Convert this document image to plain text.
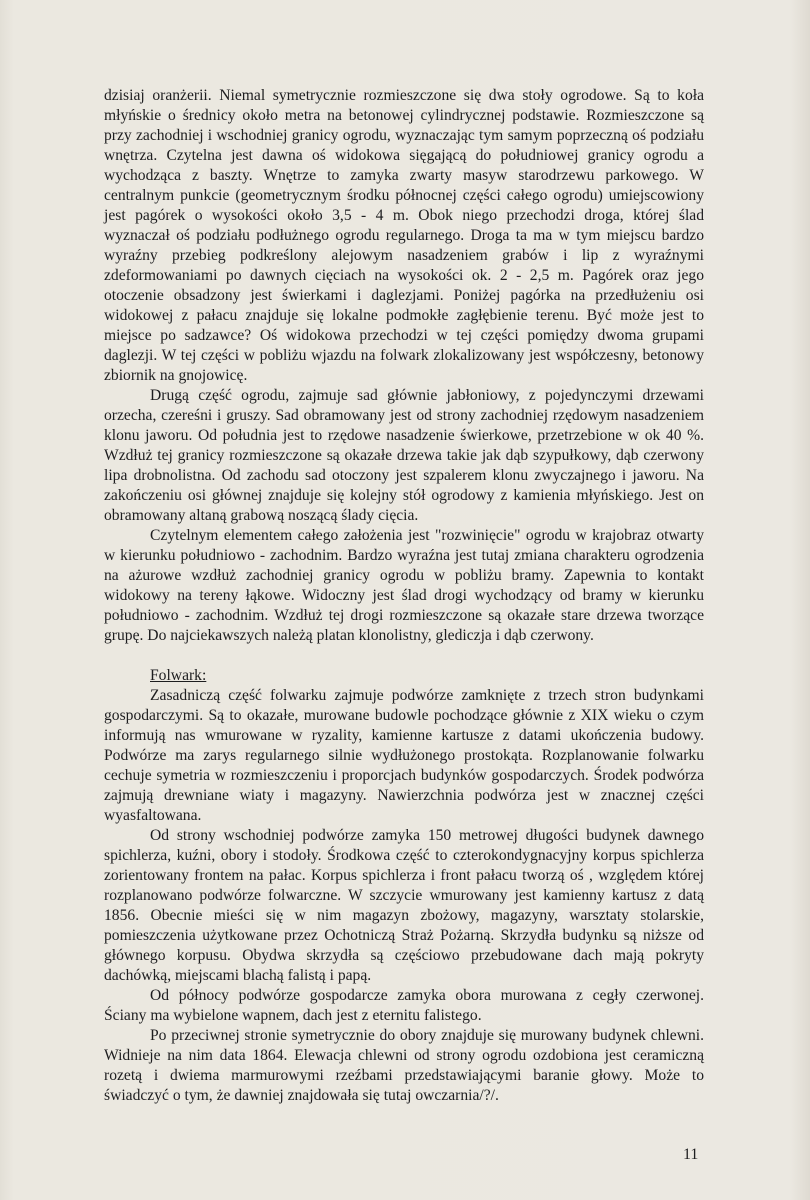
dzisiaj oranżerii. Niemal symetrycznie rozmieszczone się dwa stoły ogrodowe. Są to koła
młyńskie o średnicy około metra na betonowej cylindrycznej podstawie. Rozmieszczone są
przy zachodniej i wschodniej granicy ogrodu, wyznaczając tym samym poprzeczną oś podziału
wnętrza. Czytelna jest dawna oś widokowa sięgającą do południowej granicy ogrodu a
wychodząca z baszty. Wnętrze to zamyka zwarty masyw starodrzewu parkowego. W
centralnym punkcie (geometrycznym środku północnej części całego ogrodu) umiejscowiony
jest pagórek o wysokości około 3,5 - 4 m. Obok niego przechodzi droga, której ślad
wyznaczał oś podziału podłużnego ogrodu regularnego. Droga ta ma w tym miejscu bardzo
wyraźny przebieg podkreślony alejowym nasadzeniem grabów i lip z wyraźnymi
zdeformowaniami po dawnych cięciach na wysokości ok. 2 - 2,5 m. Pagórek oraz jego
otoczenie obsadzony jest świerkami i daglezjami. Poniżej pagórka na przedłużeniu osi
widokowej z pałacu znajduje się lokalne podmokłe zagłębienie terenu. Być może jest to
miejsce po sadzawce? Oś widokowa przechodzi w tej części pomiędzy dwoma grupami
daglezji. W tej części w pobliżu wjazdu na folwark zlokalizowany jest współczesny, betonowy
zbiornik na gnojowicę.
Drugą część ogrodu, zajmuje sad głównie jabłoniowy, z pojedynczymi drzewami
orzecha, czereśni i gruszy. Sad obramowany jest od strony zachodniej rzędowym nasadzeniem
klonu jaworu. Od południa jest to rzędowe nasadzenie świerkowe, przetrzebione w ok 40 %.
Wzdłuż tej granicy rozmieszczone są okazałe drzewa takie jak dąb szypułkowy, dąb czerwony
lipa drobnolistna. Od zachodu sad otoczony jest szpalerem klonu zwyczajnego i jaworu. Na
zakończeniu osi głównej znajduje się kolejny stół ogrodowy z kamienia młyńskiego. Jest on
obramowany altaną grabową noszącą ślady cięcia.
Czytelnym elementem całego założenia jest "rozwinięcie" ogrodu w krajobraz otwarty
w kierunku południowo - zachodnim. Bardzo wyraźna jest tutaj zmiana charakteru ogrodzenia
na ażurowe wzdłuż zachodniej granicy ogrodu w pobliżu bramy. Zapewnia to kontakt
widokowy na tereny łąkowe. Widoczny jest ślad drogi wychodzący od bramy w kierunku
południowo - zachodnim. Wzdłuż tej drogi rozmieszczone są okazałe stare drzewa tworzące
grupę. Do najciekawszych należą platan klonolistny, glediczja i dąb czerwony.
Folwark:
Zasadniczą część folwarku zajmuje podwórze zamknięte z trzech stron budynkami
gospodarczymi. Są to okazałe, murowane budowle pochodzące głównie z XIX wieku o czym
informują nas wmurowane w ryzality, kamienne kartusze z datami ukończenia budowy.
Podwórze ma zarys regularnego silnie wydłużonego prostokąta. Rozplanowanie folwarku
cechuje symetria w rozmieszczeniu i proporcjach budynków gospodarczych. Środek podwórza
zajmują drewniane wiaty i magazyny. Nawierzchnia podwórza jest w znacznej części
wyasfaltowana.
Od strony wschodniej podwórze zamyka 150 metrowej długości budynek dawnego
spichlerza, kuźni, obory i stodoły. Środkowa część to czterokondygnacyjny korpus spichlerza
zorientowany frontem na pałac. Korpus spichlerza i front pałacu tworzą oś , względem której
rozplanowano podwórze folwarczne. W szczycie wmurowany jest kamienny kartusz z datą
1856. Obecnie mieści się w nim magazyn zbożowy, magazyny, warsztaty stolarskie,
pomieszczenia użytkowane przez Ochotniczą Straż Pożarną. Skrzydła budynku są niższe od
głównego korpusu. Obydwa skrzydła są częściowo przebudowane dach mają pokryty
dachówką, miejscami blachą falistą i papą.
Od północy podwórze gospodarcze zamyka obora murowana z cegły czerwonej.
Ściany ma wybielone wapnem, dach jest z eternitu falistego.
Po przeciwnej stronie symetrycznie do obory znajduje się murowany budynek chlewni.
Widnieje na nim data 1864. Elewacja chlewni od strony ogrodu ozdobiona jest ceramiczną
rozetą i dwiema marmurowymi rzeźbami przedstawiającymi baranie głowy. Może to
świadczyć o tym, że dawniej znajdowała się tutaj owczarnia/?/.
11
